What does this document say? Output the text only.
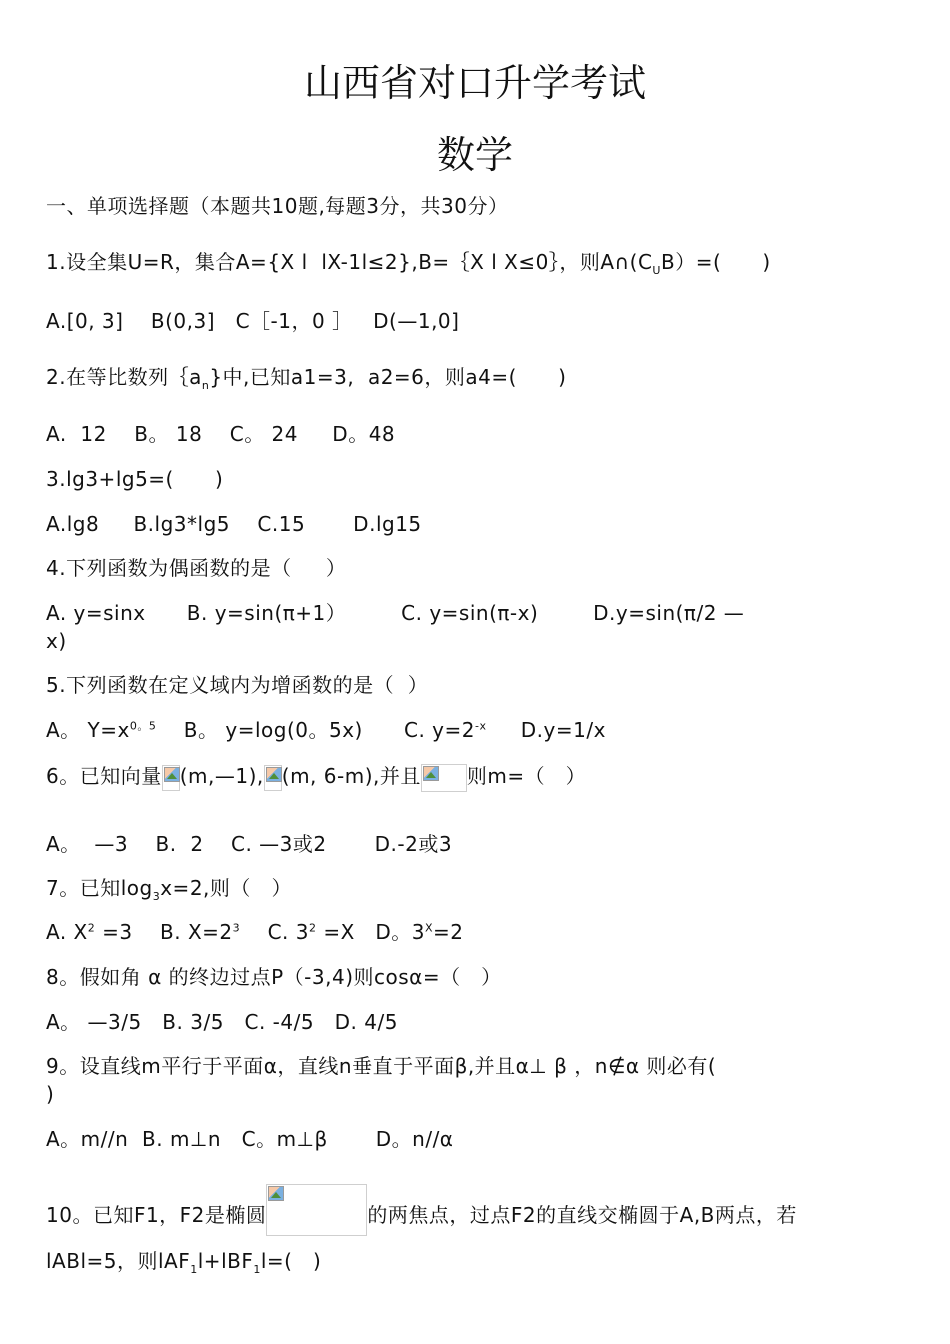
山西省对口升学考试
数学
一、单项选择题（本题共10题,每题3分，共30分）
1.设全集U=R，集合A={X l  lX-1l≤2},B=｛X l X≤0｝，则$A\cap(C_UB)=$(      )
A.[0, 3]    B(0,3]   C［-1，0 ］   D(—1,0]
2.在等比数列$\{a_n$}中,已知a1=3,  a2=6，则a4=(      )
A.  12    B。 18    C。 24     D。48
3.lg3+lg5=(      )
A.lg8     B.lg3*lg5    C.15       D.lg15
4.下列函数为偶函数的是（     ）
A. y=sinx      B. y=sin(π+1）        C. y=sin(π-x)        D.y=sin(π/2 —
x)
5.下列函数在定义域内为增函数的是（  ）
A。 $Y=x^{0。5}$    B。 y=log(0。5x)      C. $y=2^{-x}$     D.y=1/x
6。已知向量 (m,—1), (m, 6-m),并且 则m=（   ）
A。  —3    B.  2    C. —3或2       D.-2或3
7。已知$\log_3x=2$,则（   ）
A. $X^2 =3$    B. $X=2^3$    C. $3^2 =X$   D。$3^X=2$
8。假如角 α 的终边过点P（-3,4)则cosα=（   ）
A。 —3/5   B. 3/5   C. -4/5   D. 4/5
9。设直线m平行于平面α，直线n垂直于平面β,并且α⊥ β ，n∉α 则必有(
)
A。m//n  B. m⊥n   C。m⊥β       D。n//α
10。已知F1，F2是椭圆	的两焦点，过点F2的直线交椭圆于A,B两点，若
lABl=5，则lAF$_1$l+lBF$_1$l=(   )
